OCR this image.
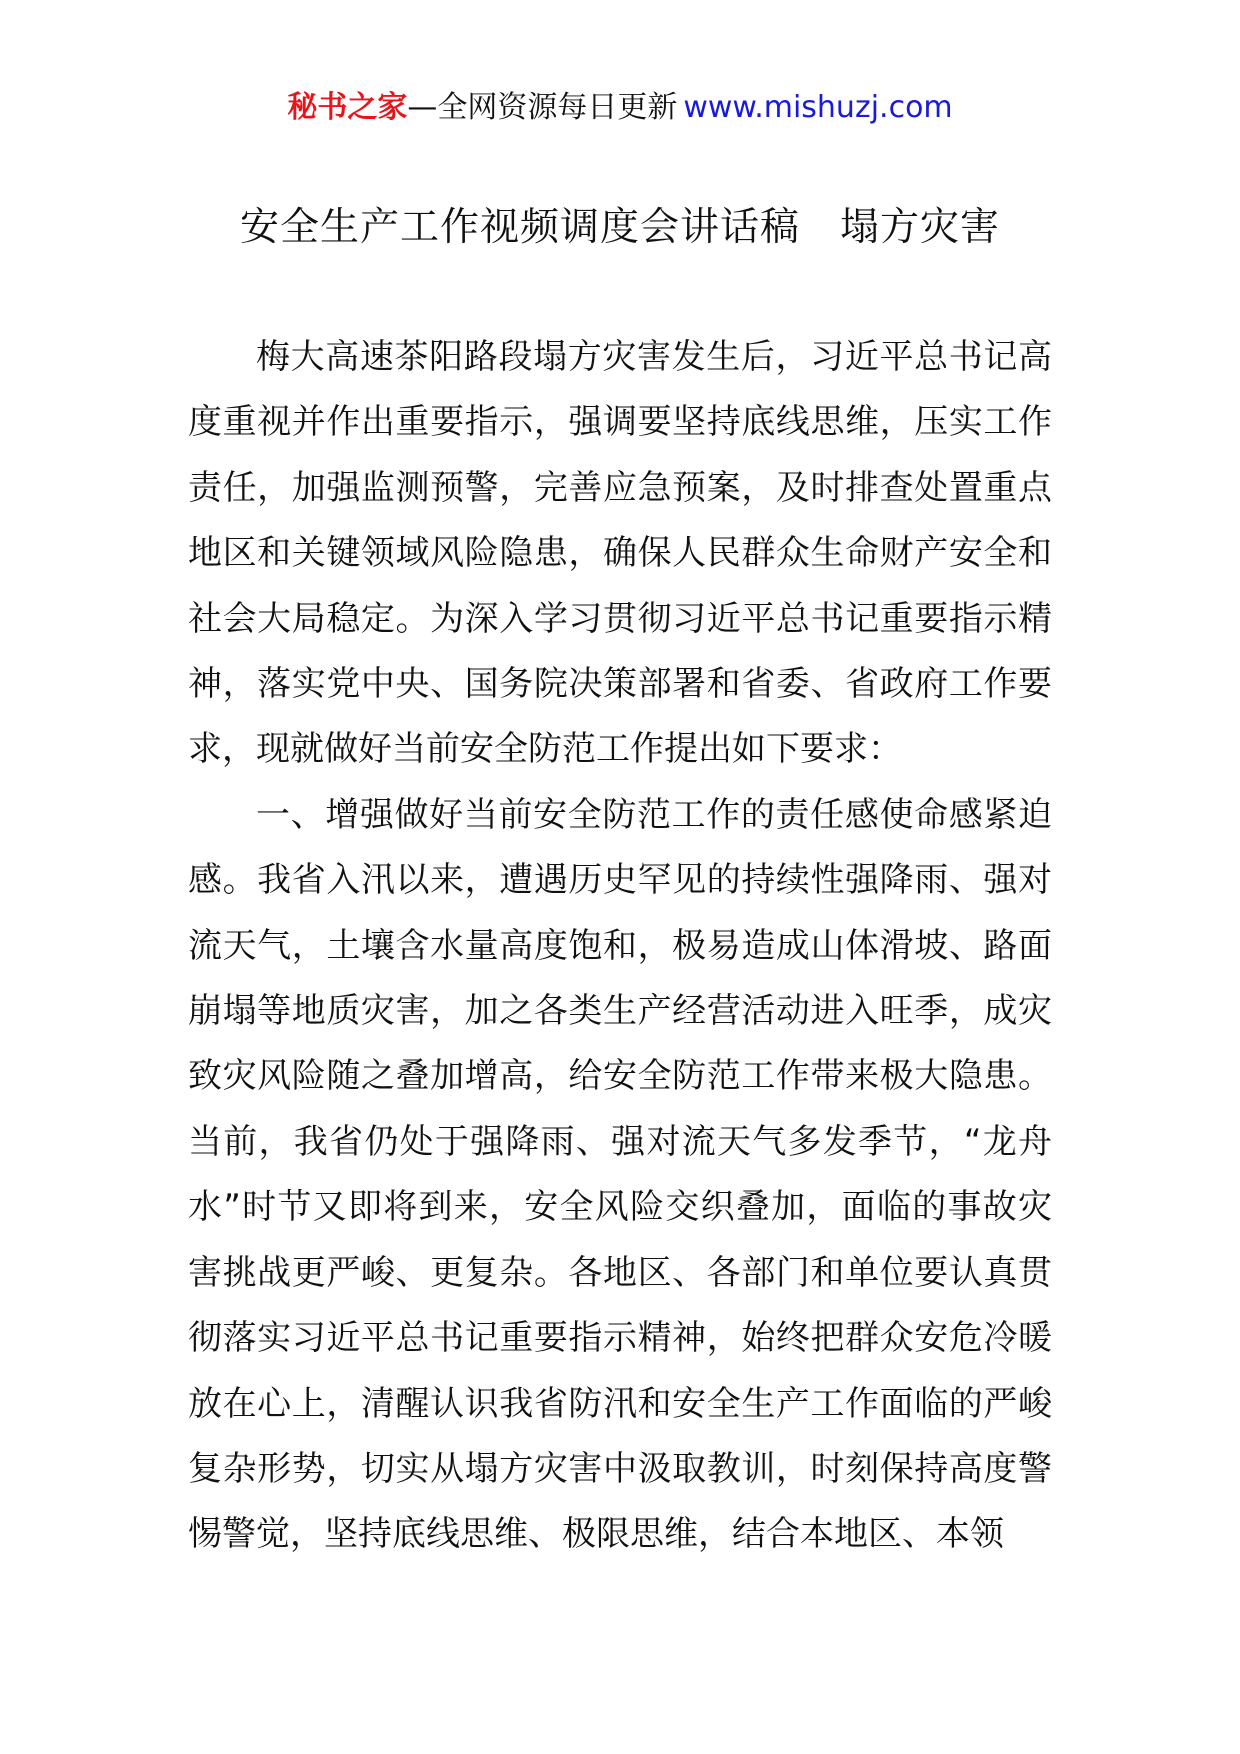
秘书之家—全网资源每日更新 www.mishuzj.com
安全生产工作视频调度会讲话稿 塌方灾害

梅大高速茶阳路段塌方灾害发生后，习近平总书记高度重视并作出重要指示，强调要坚持底线思维，压实工作责任，加强监测预警，完善应急预案，及时排查处置重点地区和关键领域风险隐患，确保人民群众生命财产安全和社会大局稳定。为深入学习贯彻习近平总书记重要指示精神，落实党中央、国务院决策部署和省委、省政府工作要求，现就做好当前安全防范工作提出如下要求：

一、增强做好当前安全防范工作的责任感使命感紧迫感。我省入汛以来，遭遇历史罕见的持续性强降雨、强对流天气，土壤含水量高度饱和，极易造成山体滑坡、路面崩塌等地质灾害，加之各类生产经营活动进入旺季，成灾致灾风险随之叠加增高，给安全防范工作带来极大隐患。当前，我省仍处于强降雨、强对流天气多发季节，“龙舟水”时节又即将到来，安全风险交织叠加，面临的事故灾害挑战更严峻、更复杂。各地区、各部门和单位要认真贯彻落实习近平总书记重要指示精神，始终把群众安危冷暖放在心上，清醒认识我省防汛和安全生产工作面临的严峻复杂形势，切实从塌方灾害中汲取教训，时刻保持高度警惕警觉，坚持底线思维、极限思维，结合本地区、本领
